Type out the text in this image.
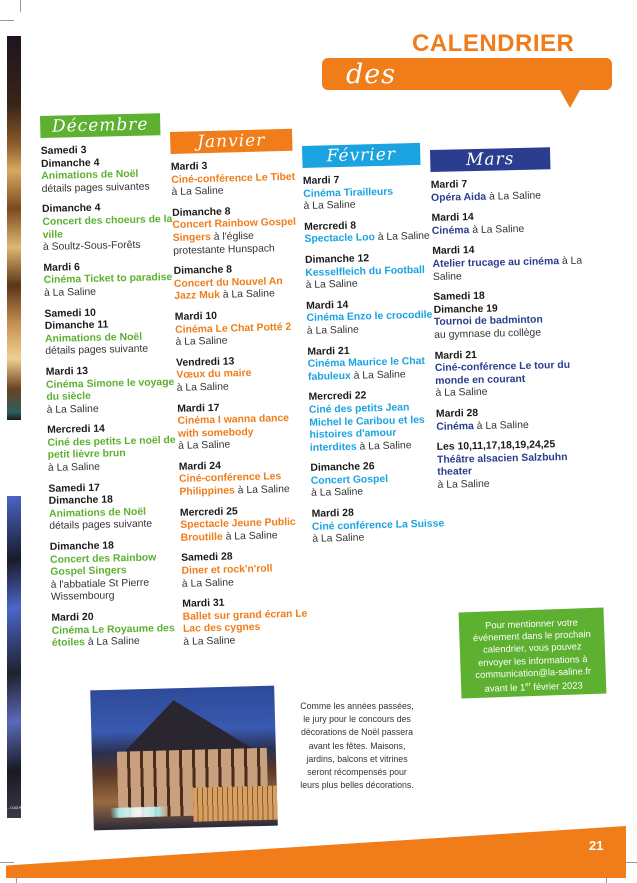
...0,63 €
CALENDRIER
des manifestations
Décembre
Samedi 3
Dimanche 4
Animations de Noël
détails pages suivantes
Dimanche 4
Concert des choeurs de la ville
à Soultz-Sous-Forêts
Mardi 6
Cinéma Ticket to paradise à La Saline
Samedi 10
Dimanche 11
Animations de Noël
détails pages suivante
Mardi 13
Cinéma Simone le voyage du siècle
à La Saline
Mercredi 14
Ciné des petits Le noël de petit lièvre brun
à La Saline
Samedi 17
Dimanche 18
Animations de Noël
détails pages suivante
Dimanche 18
Concert des Rainbow Gospel Singers
à l'abbatiale St Pierre Wissembourg
Mardi 20
Cinéma Le Royaume des étoiles à La Saline
Janvier
Mardi 3
Ciné-conférence Le Tibet
à La Saline
Dimanche 8
Concert Rainbow Gospel Singers à l'église protestante Hunspach
Dimanche 8
Concert du Nouvel An Jazz Muk à La Saline
Mardi 10
Cinéma Le Chat Potté 2
à La Saline
Vendredi 13
Vœux du maire
à La Saline
Mardi 17
Cinéma I wanna dance with somebody
à La Saline
Mardi 24
Ciné-conférence Les Philippines à La Saline
Mercredi 25
Spectacle Jeune Public Broutille à La Saline
Samedi 28
Diner et rock'n'roll
à La Saline
Mardi 31
Ballet sur grand écran Le Lac des cygnes
à La Saline
Février
Mardi 7
Cinéma Tirailleurs
à La Saline
Mercredi 8
Spectacle Loo à La Saline
Dimanche 12
Kesselfleich du Football
à La Saline
Mardi 14
Cinéma Enzo le crocodile
à La Saline
Mardi 21
Cinéma Maurice le Chat fabuleux à La Saline
Mercredi 22
Ciné des petits Jean Michel le Caribou et les histoires d'amour interdites à La Saline
Dimanche 26
Concert Gospel
à La Saline
Mardi 28
Ciné conférence La Suisse à La Saline
Mars
Mardi 7
Opéra Aida à La Saline
Mardi 14
Cinéma à La Saline
Mardi 14
Atelier trucage au cinéma à La Saline
Samedi 18
Dimanche 19
Tournoi de badminton
au gymnase du collège
Mardi 21
Ciné-conférence Le tour du monde en courant
à La Saline
Mardi 28
Cinéma à La Saline
Les 10,11,17,18,19,24,25
Théâtre alsacien Salzbuhn theater
à La Saline
Pour mentionner votre
événement dans le prochain
calendrier, vous pouvez
envoyer les informations à
communication@la-saline.fr
avant le 1er février 2023
Comme les années passées, le jury pour le concours des décorations de Noël passera avant les fêtes. Maisons, jardins, balcons et vitrines seront récompensés pour leurs plus belles décorations.
21
